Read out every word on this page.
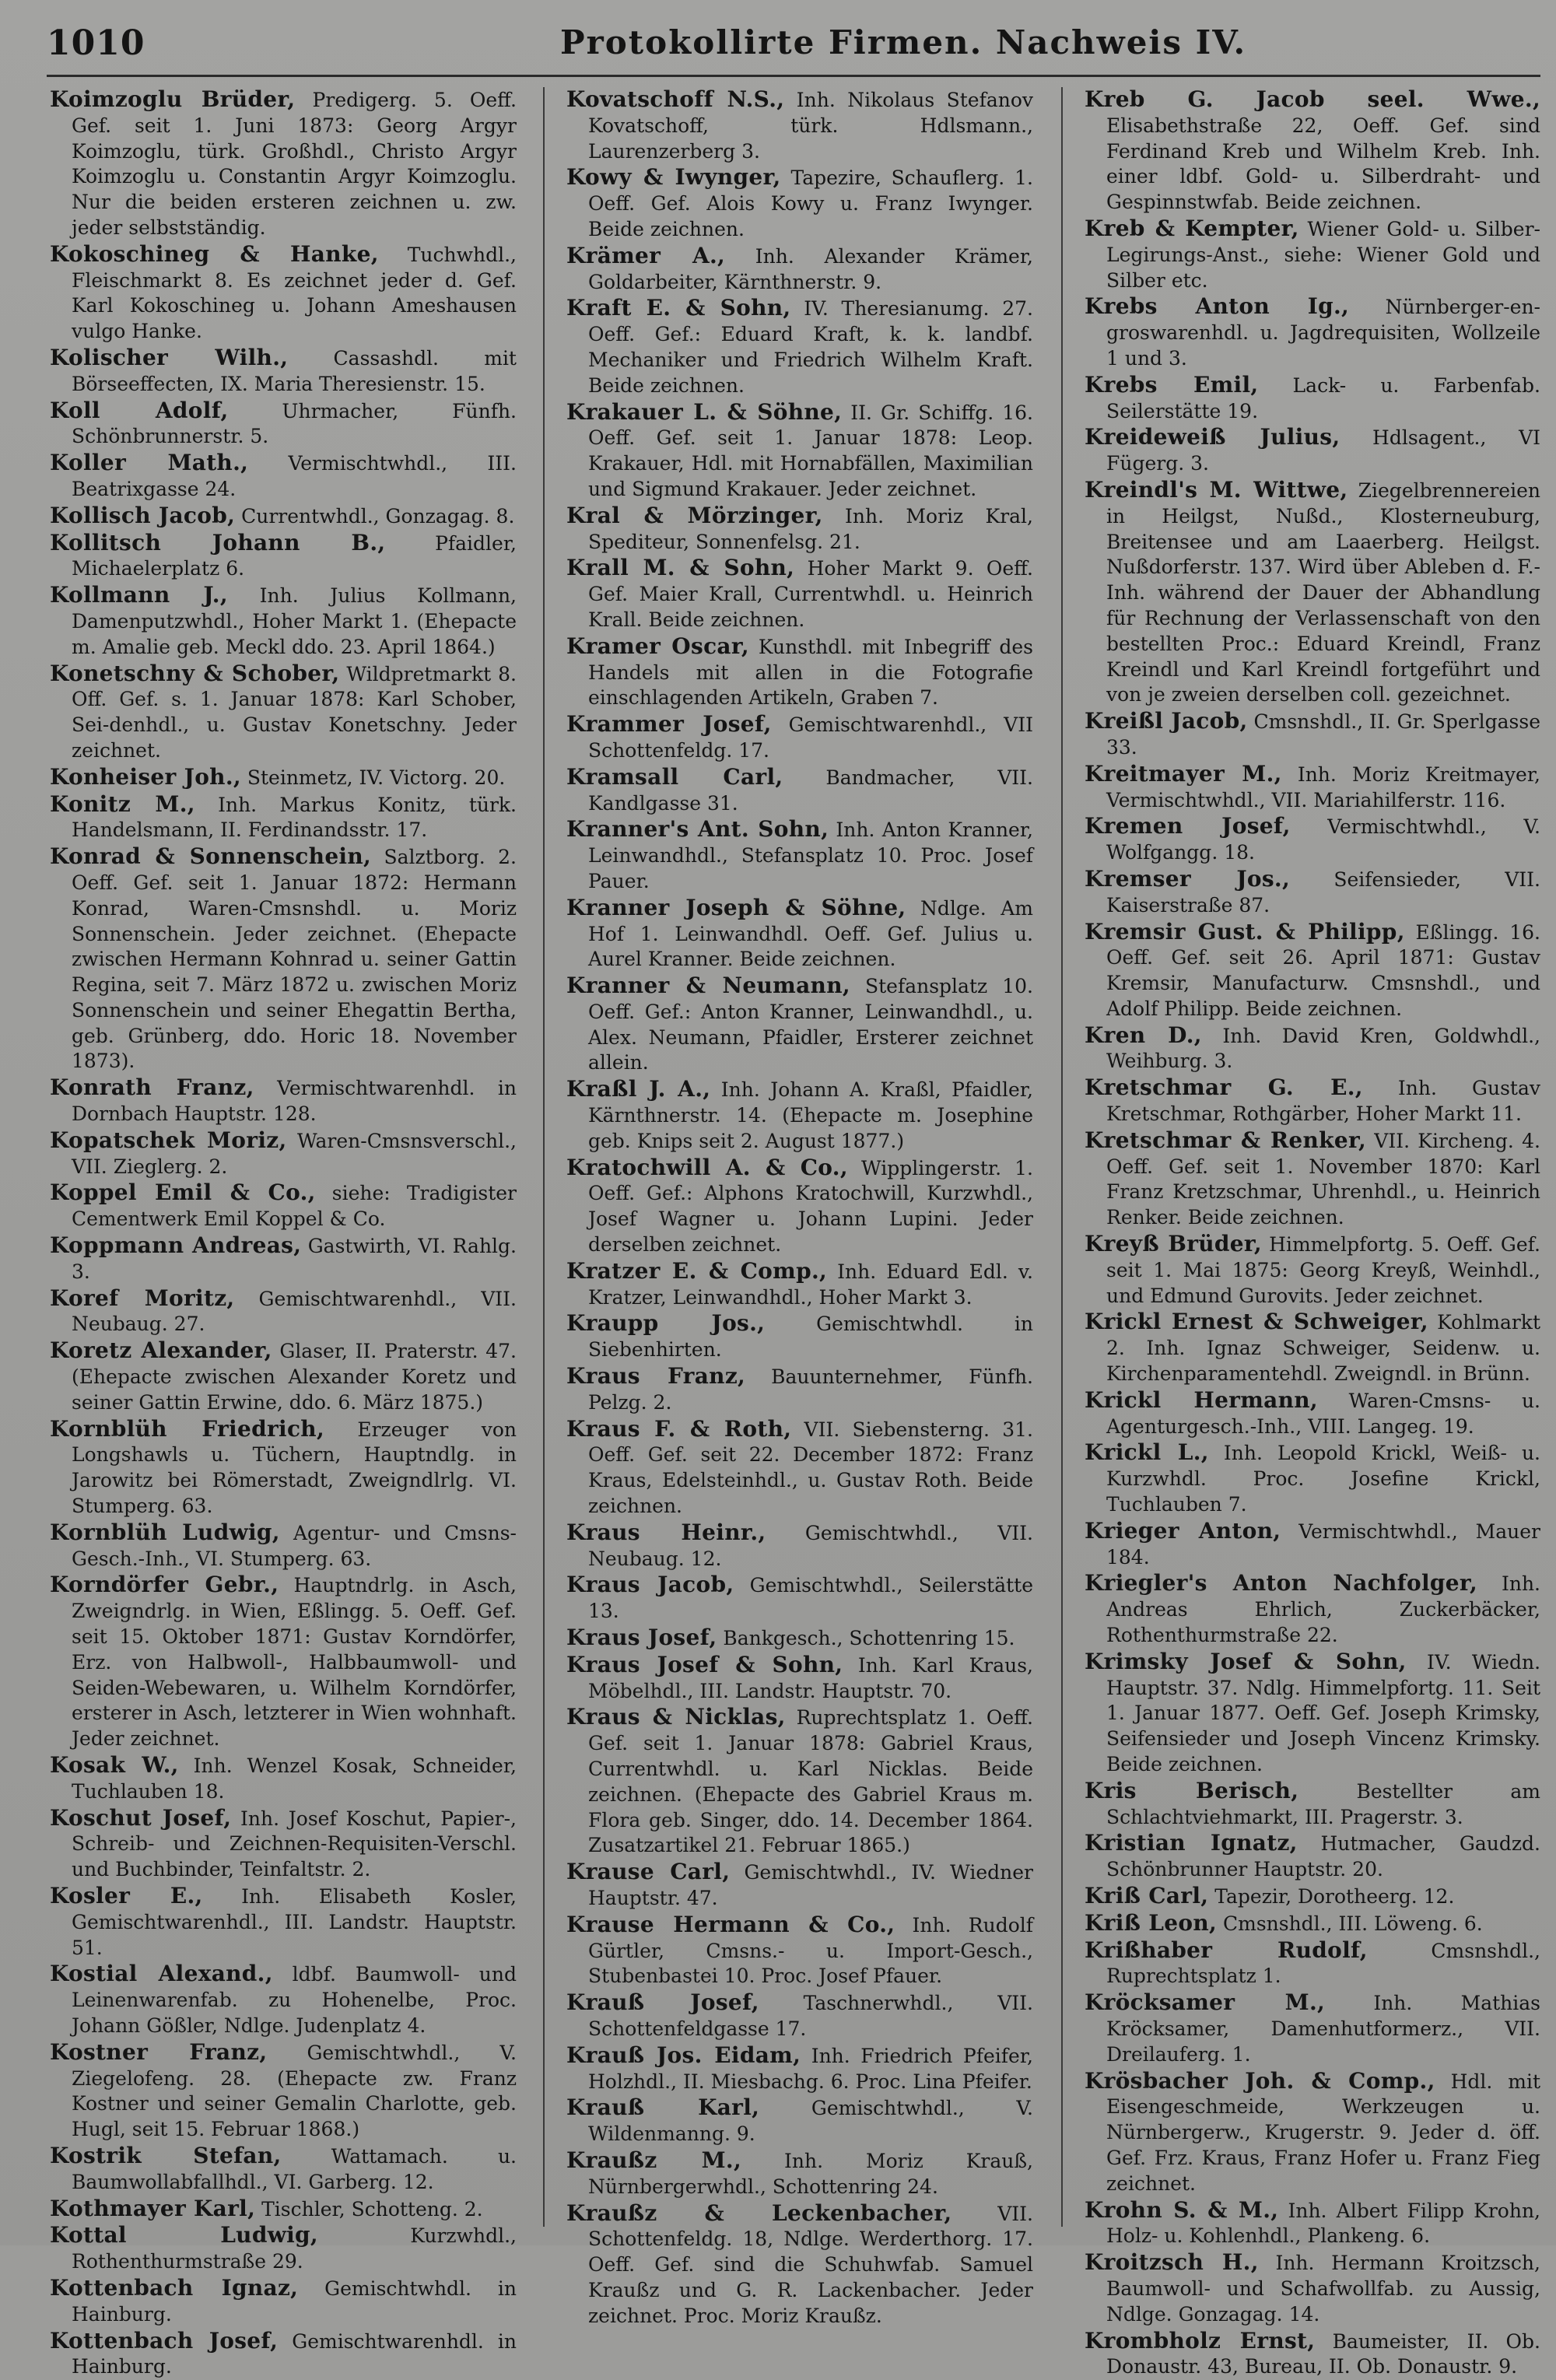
1010	Protokollirte Firmen. Nachweis IV.

Koimzoglu Brüder, Predigerg. 5. Oeff. Gef. seit 1. Juni 1873: Georg Argyr Koimzoglu, türk. Großhdl., Christo Argyr Koimzoglu u. Constantin Argyr Koimzoglu. Nur die beiden ersteren zeichnen u. zw. jeder selbstständig.

Kokoschineg & Hanke, Tuchwhdl., Fleischmarkt 8. Es zeichnet jeder d. Gef. Karl Kokoschineg u. Johann Ameshausen vulgo Hanke.

Kolischer Wilh., Cassashdl. mit Börseeffecten, IX. Maria Theresienstr. 15.

Koll Adolf, Uhrmacher, Fünfh. Schönbrunnerstr. 5.

Koller Math., Vermischtwhdl., III. Beatrixgasse 24.

Kollisch Jacob, Currentwhdl., Gonzagag. 8.

Kollitsch Johann B., Pfaidler, Michaelerplatz 6.

Kollmann J., Inh. Julius Kollmann, Damenputzwhdl., Hoher Markt 1. (Ehepacte m. Amalie geb. Meckl ddo. 23. April 1864.)

Konetschny & Schober, Wildpretmarkt 8. Off. Gef. s. 1. Januar 1878: Karl Schober, Sei-denhdl., u. Gustav Konetschny. Jeder zeichnet.

Konheiser Joh., Steinmetz, IV. Victorg. 20.

Konitz M., Inh. Markus Konitz, türk. Handelsmann, II. Ferdinandsstr. 17.

Konrad & Sonnenschein, Salztborg. 2. Oeff. Gef. seit 1. Januar 1872: Hermann Konrad, Waren-Cmsnshdl. u. Moriz Sonnenschein. Jeder zeichnet. (Ehepacte zwischen Hermann Kohnrad u. seiner Gattin Regina, seit 7. März 1872 u. zwischen Moriz Sonnenschein und seiner Ehegattin Bertha, geb. Grünberg, ddo. Horic 18. November 1873).

Konrath Franz, Vermischtwarenhdl. in Dornbach Hauptstr. 128.

Kopatschek Moriz, Waren-Cmsnsverschl., VII. Zieglerg. 2.

Koppel Emil & Co., siehe: Tradigister Cementwerk Emil Koppel & Co.

Koppmann Andreas, Gastwirth, VI. Rahlg. 3.

Koref Moritz, Gemischtwarenhdl., VII. Neubaug. 27.

Koretz Alexander, Glaser, II. Praterstr. 47. (Ehepacte zwischen Alexander Koretz und seiner Gattin Erwine, ddo. 6. März 1875.)

Kornblüh Friedrich, Erzeuger von Longshawls u. Tüchern, Hauptndlg. in Jarowitz bei Römerstadt, Zweigndlrlg. VI. Stumperg. 63.

Kornblüh Ludwig, Agentur- und Cmsns-Gesch.-Inh., VI. Stumperg. 63.

Korndörfer Gebr., Hauptndrlg. in Asch, Zweigndrlg. in Wien, Eßlingg. 5. Oeff. Gef. seit 15. Oktober 1871: Gustav Korndörfer, Erz. von Halbwoll-, Halbbaumwoll- und Seiden-Webewaren, u. Wilhelm Korndörfer, ersterer in Asch, letzterer in Wien wohnhaft. Jeder zeichnet.

Kosak W., Inh. Wenzel Kosak, Schneider, Tuchlauben 18.

Koschut Josef, Inh. Josef Koschut, Papier-, Schreib- und Zeichnen-Requisiten-Verschl. und Buchbinder, Teinfaltstr. 2.

Kosler E., Inh. Elisabeth Kosler, Gemischtwarenhdl., III. Landstr. Hauptstr. 51.

Kostial Alexand., ldbf. Baumwoll- und Leinenwarenfab. zu Hohenelbe, Proc. Johann Gößler, Ndlge. Judenplatz 4.

Kostner Franz, Gemischtwhdl., V. Ziegelofeng. 28. (Ehepacte zw. Franz Kostner und seiner Gemalin Charlotte, geb. Hugl, seit 15. Februar 1868.)

Kostrik Stefan, Wattamach. u. Baumwollabfallhdl., VI. Garberg. 12.

Kothmayer Karl, Tischler, Schotteng. 2.

Kottal Ludwig, Kurzwhdl., Rothenthurmstraße 29.

Kottenbach Ignaz, Gemischtwhdl. in Hainburg.

Kottenbach Josef, Gemischtwarenhdl. in Hainburg.

Kovatschoff N.S., Inh. Nikolaus Stefanov Kovatschoff, türk. Hdlsmann., Laurenzerberg 3.

Kowy & Iwynger, Tapezire, Schauflerg. 1. Oeff. Gef. Alois Kowy u. Franz Iwynger. Beide zeichnen.

Krämer A., Inh. Alexander Krämer, Goldarbeiter, Kärnthnerstr. 9.

Kraft E. & Sohn, IV. Theresianumg. 27. Oeff. Gef.: Eduard Kraft, k. k. landbf. Mechaniker und Friedrich Wilhelm Kraft. Beide zeichnen.

Krakauer L. & Söhne, II. Gr. Schiffg. 16. Oeff. Gef. seit 1. Januar 1878: Leop. Krakauer, Hdl. mit Hornabfällen, Maximilian und Sigmund Krakauer. Jeder zeichnet.

Kral & Mörzinger, Inh. Moriz Kral, Spediteur, Sonnenfelsg. 21.

Krall M. & Sohn, Hoher Markt 9. Oeff. Gef. Maier Krall, Currentwhdl. u. Heinrich Krall. Beide zeichnen.

Kramer Oscar, Kunsthdl. mit Inbegriff des Handels mit allen in die Fotografie einschlagenden Artikeln, Graben 7.

Krammer Josef, Gemischtwarenhdl., VII Schottenfeldg. 17.

Kramsall Carl, Bandmacher, VII. Kandlgasse 31.

Kranner's Ant. Sohn, Inh. Anton Kranner, Leinwandhdl., Stefansplatz 10. Proc. Josef Pauer.

Kranner Joseph & Söhne, Ndlge. Am Hof 1. Leinwandhdl. Oeff. Gef. Julius u. Aurel Kranner. Beide zeichnen.

Kranner & Neumann, Stefansplatz 10. Oeff. Gef.: Anton Kranner, Leinwandhdl., u. Alex. Neumann, Pfaidler, Ersterer zeichnet allein.

Kraßl J. A., Inh. Johann A. Kraßl, Pfaidler, Kärnthnerstr. 14. (Ehepacte m. Josephine geb. Knips seit 2. August 1877.)

Kratochwill A. & Co., Wipplingerstr. 1. Oeff. Gef.: Alphons Kratochwill, Kurzwhdl., Josef Wagner u. Johann Lupini. Jeder derselben zeichnet.

Kratzer E. & Comp., Inh. Eduard Edl. v. Kratzer, Leinwandhdl., Hoher Markt 3.

Kraupp Jos., Gemischtwhdl. in Siebenhirten.

Kraus Franz, Bauunternehmer, Fünfh. Pelzg. 2.

Kraus F. & Roth, VII. Siebensterng. 31. Oeff. Gef. seit 22. December 1872: Franz Kraus, Edelsteinhdl., u. Gustav Roth. Beide zeichnen.

Kraus Heinr., Gemischtwhdl., VII. Neubaug. 12.

Kraus Jacob, Gemischtwhdl., Seilerstätte 13.

Kraus Josef, Bankgesch., Schottenring 15.

Kraus Josef & Sohn, Inh. Karl Kraus, Möbelhdl., III. Landstr. Hauptstr. 70.

Kraus & Nicklas, Ruprechtsplatz 1. Oeff. Gef. seit 1. Januar 1878: Gabriel Kraus, Currentwhdl. u. Karl Nicklas. Beide zeichnen. (Ehepacte des Gabriel Kraus m. Flora geb. Singer, ddo. 14. December 1864. Zusatzartikel 21. Februar 1865.)

Krause Carl, Gemischtwhdl., IV. Wiedner Hauptstr. 47.

Krause Hermann & Co., Inh. Rudolf Gürtler, Cmsns.- u. Import-Gesch., Stubenbastei 10. Proc. Josef Pfauer.

Krauß Josef, Taschnerwhdl., VII. Schottenfeldgasse 17.

Krauß Jos. Eidam, Inh. Friedrich Pfeifer, Holzhdl., II. Miesbachg. 6. Proc. Lina Pfeifer.

Krauß Karl, Gemischtwhdl., V. Wildenmanng. 9.

Kraußz M., Inh. Moriz Krauß, Nürnbergerwhdl., Schottenring 24.

Kraußz & Leckenbacher, VII. Schottenfeldg. 18, Ndlge. Werderthorg. 17. Oeff. Gef. sind die Schuhwfab. Samuel Kraußz und G. R. Lackenbacher. Jeder zeichnet. Proc. Moriz Kraußz.

Kreb G. Jacob seel. Wwe., Elisabethstraße 22, Oeff. Gef. sind Ferdinand Kreb und Wilhelm Kreb. Inh. einer ldbf. Gold- u. Silberdraht- und Gespinnstwfab. Beide zeichnen.

Kreb & Kempter, Wiener Gold- u. Silber-Legirungs-Anst., siehe: Wiener Gold und Silber etc.

Krebs Anton Ig., Nürnberger-en-groswarenhdl. u. Jagdrequisiten, Wollzeile 1 und 3.

Krebs Emil, Lack- u. Farbenfab. Seilerstätte 19.

Kreideweiß Julius, Hdlsagent., VI Fügerg. 3.

Kreindl's M. Wittwe, Ziegelbrennereien in Heilgst, Nußd., Klosterneuburg, Breitensee und am Laaerberg. Heilgst. Nußdorferstr. 137. Wird über Ableben d. F.-Inh. während der Dauer der Abhandlung für Rechnung der Verlassenschaft von den bestellten Proc.: Eduard Kreindl, Franz Kreindl und Karl Kreindl fortgeführt und von je zweien derselben coll. gezeichnet.

Kreißl Jacob, Cmsnshdl., II. Gr. Sperlgasse 33.

Kreitmayer M., Inh. Moriz Kreitmayer, Vermischtwhdl., VII. Mariahilferstr. 116.

Kremen Josef, Vermischtwhdl., V. Wolfgangg. 18.

Kremser Jos., Seifensieder, VII. Kaiserstraße 87.

Kremsir Gust. & Philipp, Eßlingg. 16. Oeff. Gef. seit 26. April 1871: Gustav Kremsir, Manufacturw. Cmsnshdl., und Adolf Philipp. Beide zeichnen.

Kren D., Inh. David Kren, Goldwhdl., Weihburg. 3.

Kretschmar G. E., Inh. Gustav Kretschmar, Rothgärber, Hoher Markt 11.

Kretschmar & Renker, VII. Kircheng. 4. Oeff. Gef. seit 1. November 1870: Karl Franz Kretzschmar, Uhrenhdl., u. Heinrich Renker. Beide zeichnen.

Kreyß Brüder, Himmelpfortg. 5. Oeff. Gef. seit 1. Mai 1875: Georg Kreyß, Weinhdl., und Edmund Gurovits. Jeder zeichnet.

Krickl Ernest & Schweiger, Kohlmarkt 2. Inh. Ignaz Schweiger, Seidenw. u. Kirchenparamentehdl. Zweigndl. in Brünn.

Krickl Hermann, Waren-Cmsns- u. Agenturgesch.-Inh., VIII. Langeg. 19.

Krickl L., Inh. Leopold Krickl, Weiß- u. Kurzwhdl. Proc. Josefine Krickl, Tuchlauben 7.

Krieger Anton, Vermischtwhdl., Mauer 184.

Kriegler's Anton Nachfolger, Inh. Andreas Ehrlich, Zuckerbäcker, Rothenthurmstraße 22.

Krimsky Josef & Sohn, IV. Wiedn. Hauptstr. 37. Ndlg. Himmelpfortg. 11. Seit 1. Januar 1877. Oeff. Gef. Joseph Krimsky, Seifensieder und Joseph Vincenz Krimsky. Beide zeichnen.

Kris Berisch, Bestellter am Schlachtviehmarkt, III. Pragerstr. 3.

Kristian Ignatz, Hutmacher, Gaudzd. Schönbrunner Hauptstr. 20.

Kriß Carl, Tapezir, Dorotheerg. 12.

Kriß Leon, Cmsnshdl., III. Löweng. 6.

Krißhaber Rudolf, Cmsnshdl., Ruprechtsplatz 1.

Kröcksamer M., Inh. Mathias Kröcksamer, Damenhutformerz., VII. Dreilauferg. 1.

Krösbacher Joh. & Comp., Hdl. mit Eisengeschmeide, Werkzeugen u. Nürnbergerw., Krugerstr. 9. Jeder d. öff. Gef. Frz. Kraus, Franz Hofer u. Franz Fieg zeichnet.

Krohn S. & M., Inh. Albert Filipp Krohn, Holz- u. Kohlenhdl., Plankeng. 6.

Kroitzsch H., Inh. Hermann Kroitzsch, Baumwoll- und Schafwollfab. zu Aussig, Ndlge. Gonzagag. 14.

Krombholz Ernst, Baumeister, II. Ob. Donaustr. 43, Bureau, II. Ob. Donaustr. 9.
